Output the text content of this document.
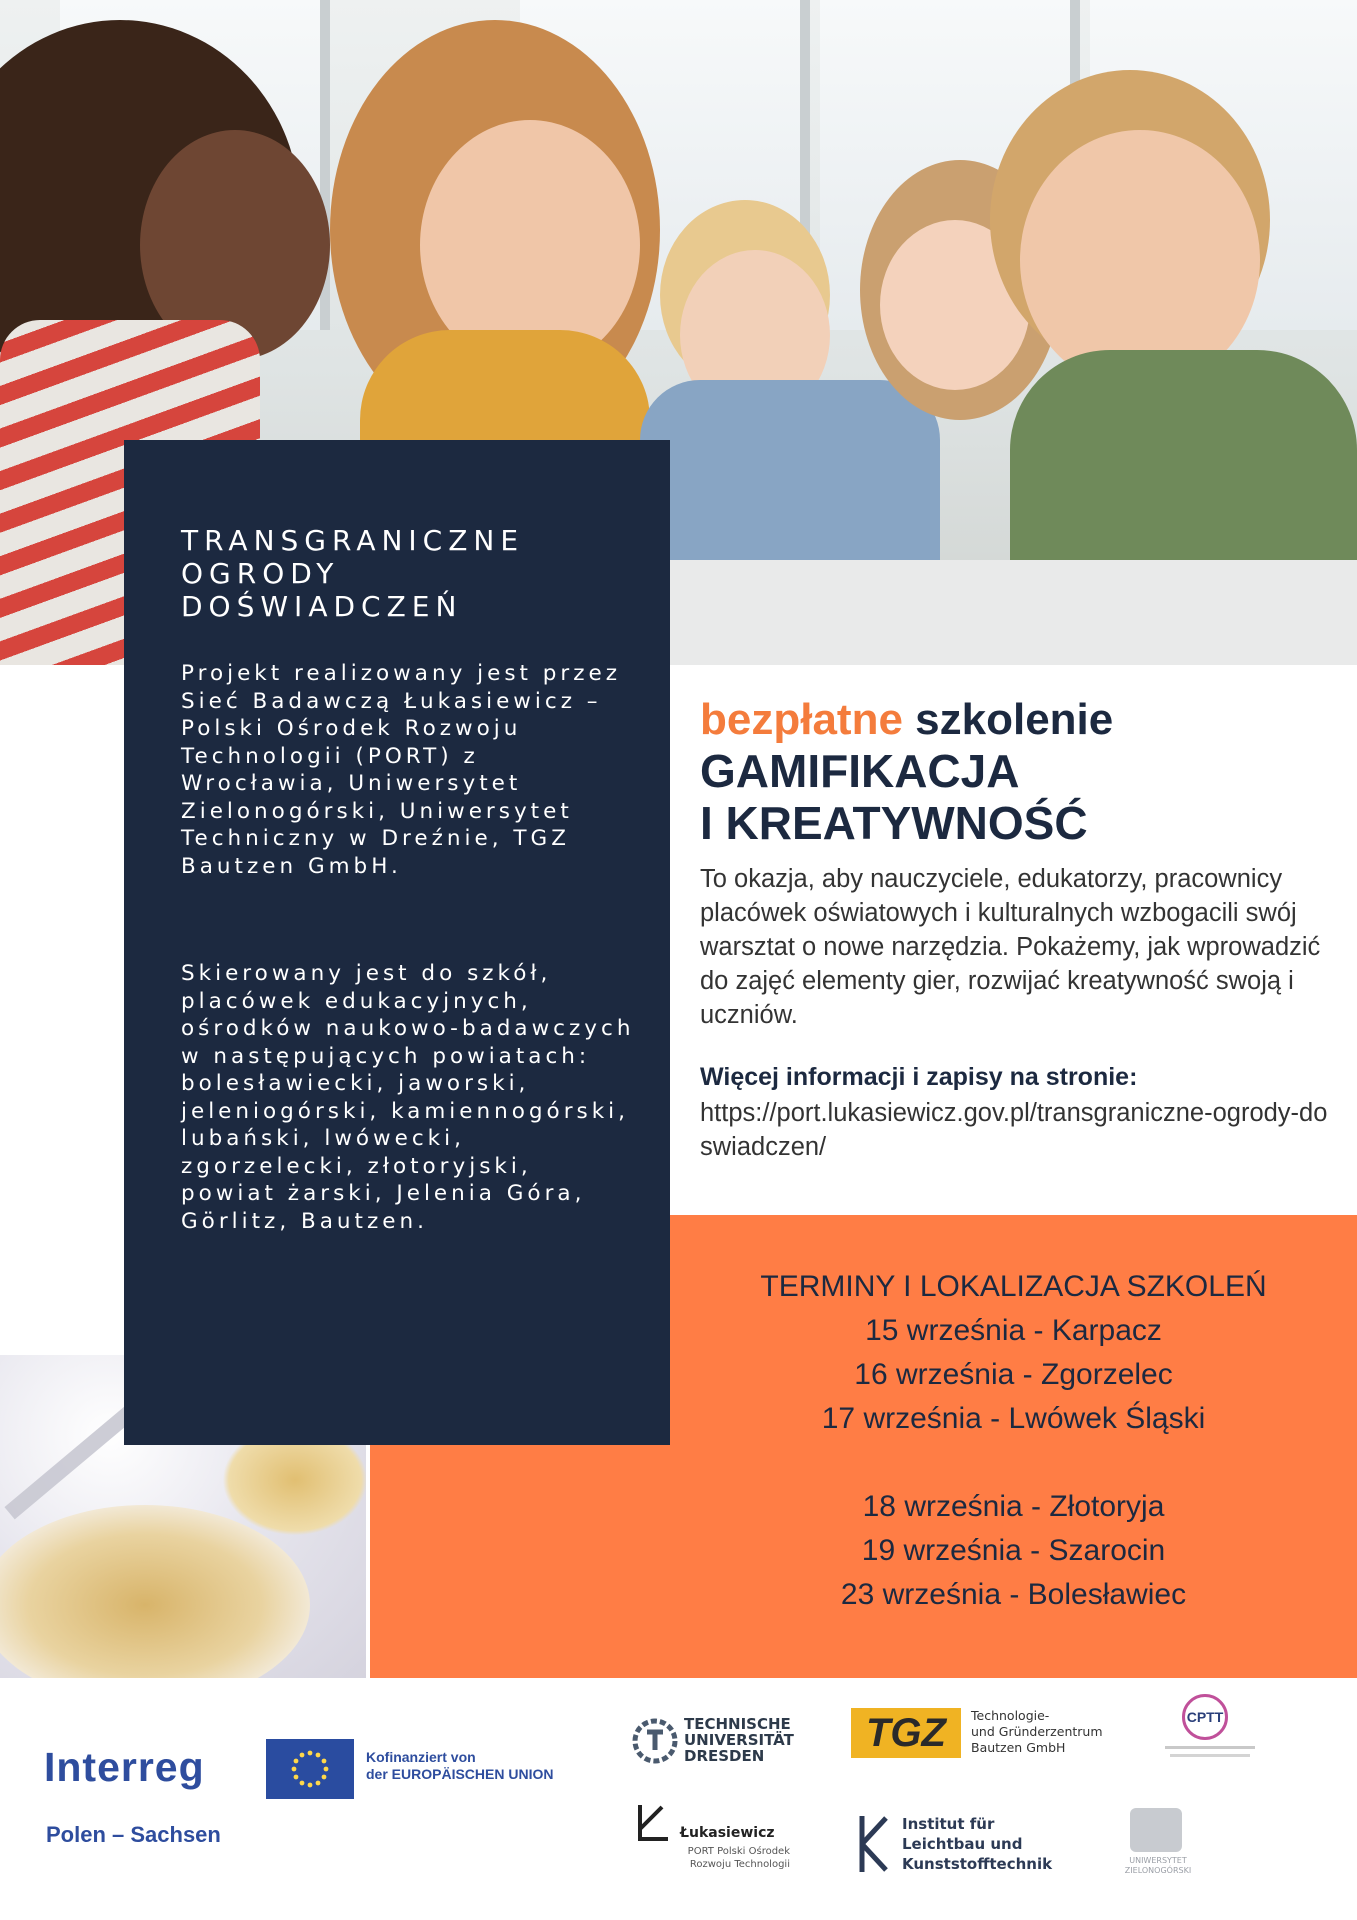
TRANSGRANICZNE
OGRODY
DOŚWIADCZEŃ
Projekt realizowany jest przez Sieć Badawczą Łukasiewicz – Polski Ośrodek Rozwoju Technologii (PORT) z Wrocławia, Uniwersytet Zielonogórski, Uniwersytet Techniczny w Dreźnie, TGZ Bautzen GmbH.
Skierowany jest do szkół, placówek edukacyjnych, ośrodków naukowo-badawczych w następujących powiatach: bolesławiecki, jaworski, jeleniogórski, kamiennogórski, lubański, lwówecki, zgorzelecki, złotoryjski, powiat żarski, Jelenia Góra, Görlitz, Bautzen.
bezpłatne szkolenie
GAMIFIKACJA
I KREATYWNOŚĆ
To okazja, aby nauczyciele, edukatorzy, pracownicy placówek oświatowych i kulturalnych wzbogacili swój warsztat o nowe narzędzia. Pokażemy, jak wprowadzić do zajęć elementy gier, rozwijać kreatywność swoją i uczniów.
Więcej informacji i zapisy na stronie:
https://port.lukasiewicz.gov.pl/transgraniczne-ogrody-doswiadczen/
TERMINY I LOKALIZACJA SZKOLEŃ
15 września - Karpacz
16 września - Zgorzelec
17 września - Lwówek Śląski
18 września - Złotoryja
19 września - Szarocin
23 września - Bolesławiec
Interreg
Polen – Sachsen
Kofinanziert von
der EUROPÄISCHEN UNION
TECHNISCHE
UNIVERSITÄT
DRESDEN
TGZ	Technologie-
und Gründerzentrum
Bautzen GmbH
CPTT
Łukasiewicz
PORT Polski Ośrodek
Rozwoju Technologii
Institut für
Leichtbau und
Kunststofftechnik	UNIWERSYTET
ZIELONOGÓRSKI
